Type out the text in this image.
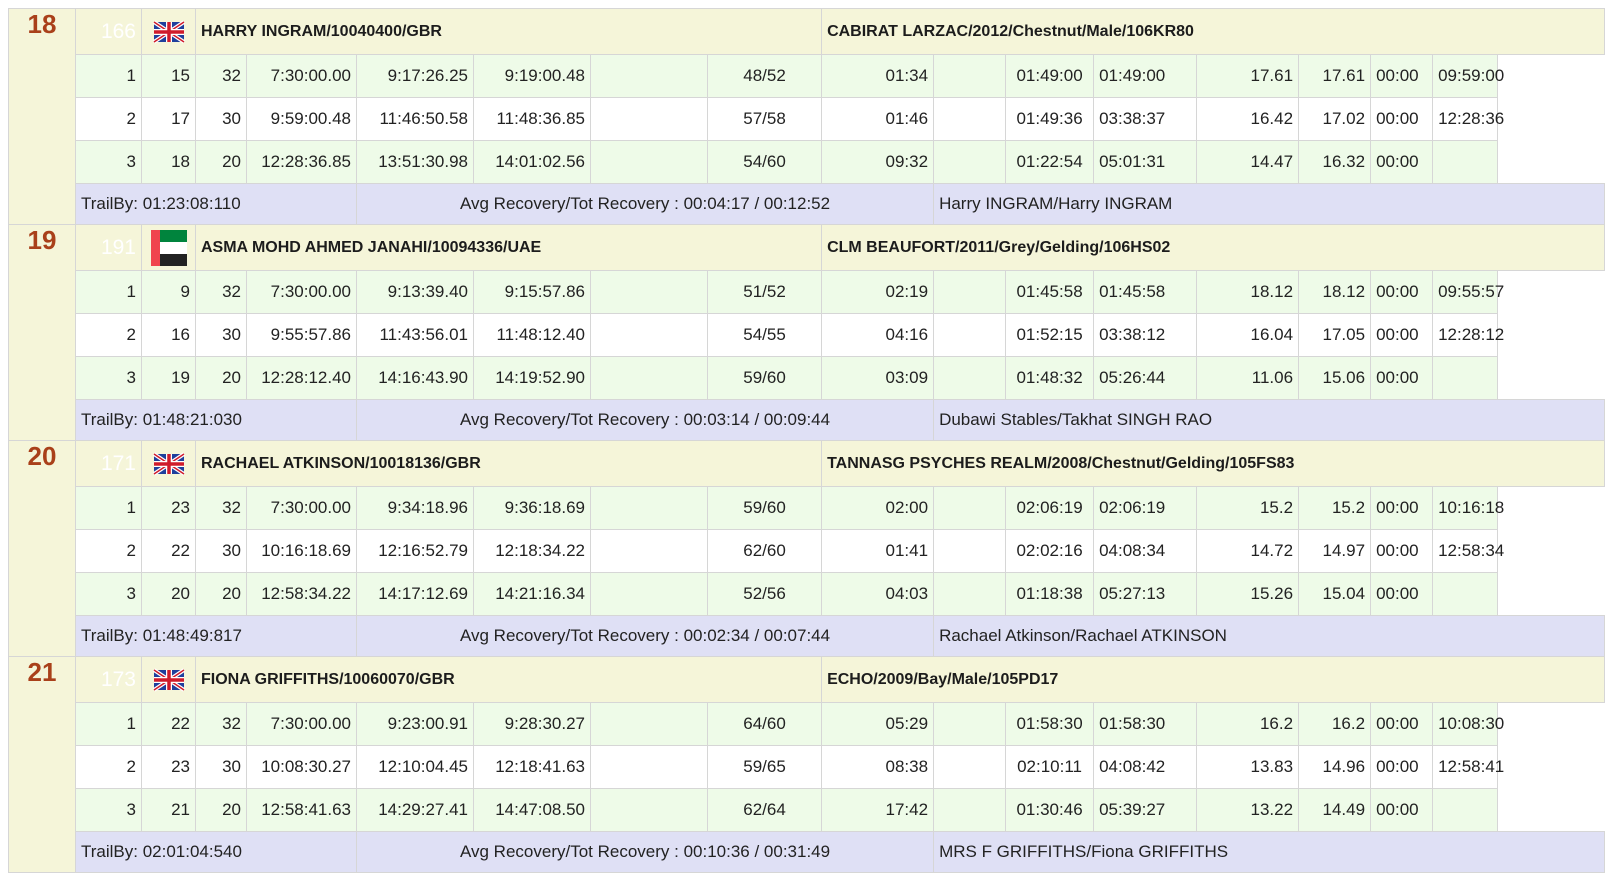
18	166		HARRY INGRAM/10040400/GBR						CABIRAT LARZAC/2012/Chestnut/Male/106KR80							
	1	15	32	7:30:00.00	9:17:26.25	9:19:00.48		48/52	01:34		01:49:00	01:49:00	17.61	17.61	00:00	09:59:00
	2	17	30	9:59:00.48	11:46:50.58	11:48:36.85		57/58	01:46		01:49:36	03:38:37	16.42	17.02	00:00	12:28:36
	3	18	20	12:28:36.85	13:51:30.98	14:01:02.56		54/60	09:32		01:22:54	05:01:31	14.47	16.32	00:00	
	TrailBy: 01:23:08:110				Avg Recovery/Tot Recovery : 00:04:17 / 00:12:52					Harry INGRAM/Harry INGRAM						
19	191		ASMA MOHD AHMED JANAHI/10094336/UAE						CLM BEAUFORT/2011/Grey/Gelding/106HS02							
	1	9	32	7:30:00.00	9:13:39.40	9:15:57.86		51/52	02:19		01:45:58	01:45:58	18.12	18.12	00:00	09:55:57
	2	16	30	9:55:57.86	11:43:56.01	11:48:12.40		54/55	04:16		01:52:15	03:38:12	16.04	17.05	00:00	12:28:12
	3	19	20	12:28:12.40	14:16:43.90	14:19:52.90		59/60	03:09		01:48:32	05:26:44	11.06	15.06	00:00	
	TrailBy: 01:48:21:030				Avg Recovery/Tot Recovery : 00:03:14 / 00:09:44					Dubawi Stables/Takhat SINGH RAO						
20	171		RACHAEL ATKINSON/10018136/GBR						TANNASG PSYCHES REALM/2008/Chestnut/Gelding/105FS83							
	1	23	32	7:30:00.00	9:34:18.96	9:36:18.69		59/60	02:00		02:06:19	02:06:19	15.2	15.2	00:00	10:16:18
	2	22	30	10:16:18.69	12:16:52.79	12:18:34.22		62/60	01:41		02:02:16	04:08:34	14.72	14.97	00:00	12:58:34
	3	20	20	12:58:34.22	14:17:12.69	14:21:16.34		52/56	04:03		01:18:38	05:27:13	15.26	15.04	00:00	
	TrailBy: 01:48:49:817				Avg Recovery/Tot Recovery : 00:02:34 / 00:07:44					Rachael Atkinson/Rachael ATKINSON						
21	173		FIONA GRIFFITHS/10060070/GBR						ECHO/2009/Bay/Male/105PD17							
	1	22	32	7:30:00.00	9:23:00.91	9:28:30.27		64/60	05:29		01:58:30	01:58:30	16.2	16.2	00:00	10:08:30
	2	23	30	10:08:30.27	12:10:04.45	12:18:41.63		59/65	08:38		02:10:11	04:08:42	13.83	14.96	00:00	12:58:41
	3	21	20	12:58:41.63	14:29:27.41	14:47:08.50		62/64	17:42		01:30:46	05:39:27	13.22	14.49	00:00	
	TrailBy: 02:01:04:540				Avg Recovery/Tot Recovery : 00:10:36 / 00:31:49					MRS F GRIFFITHS/Fiona GRIFFITHS						
